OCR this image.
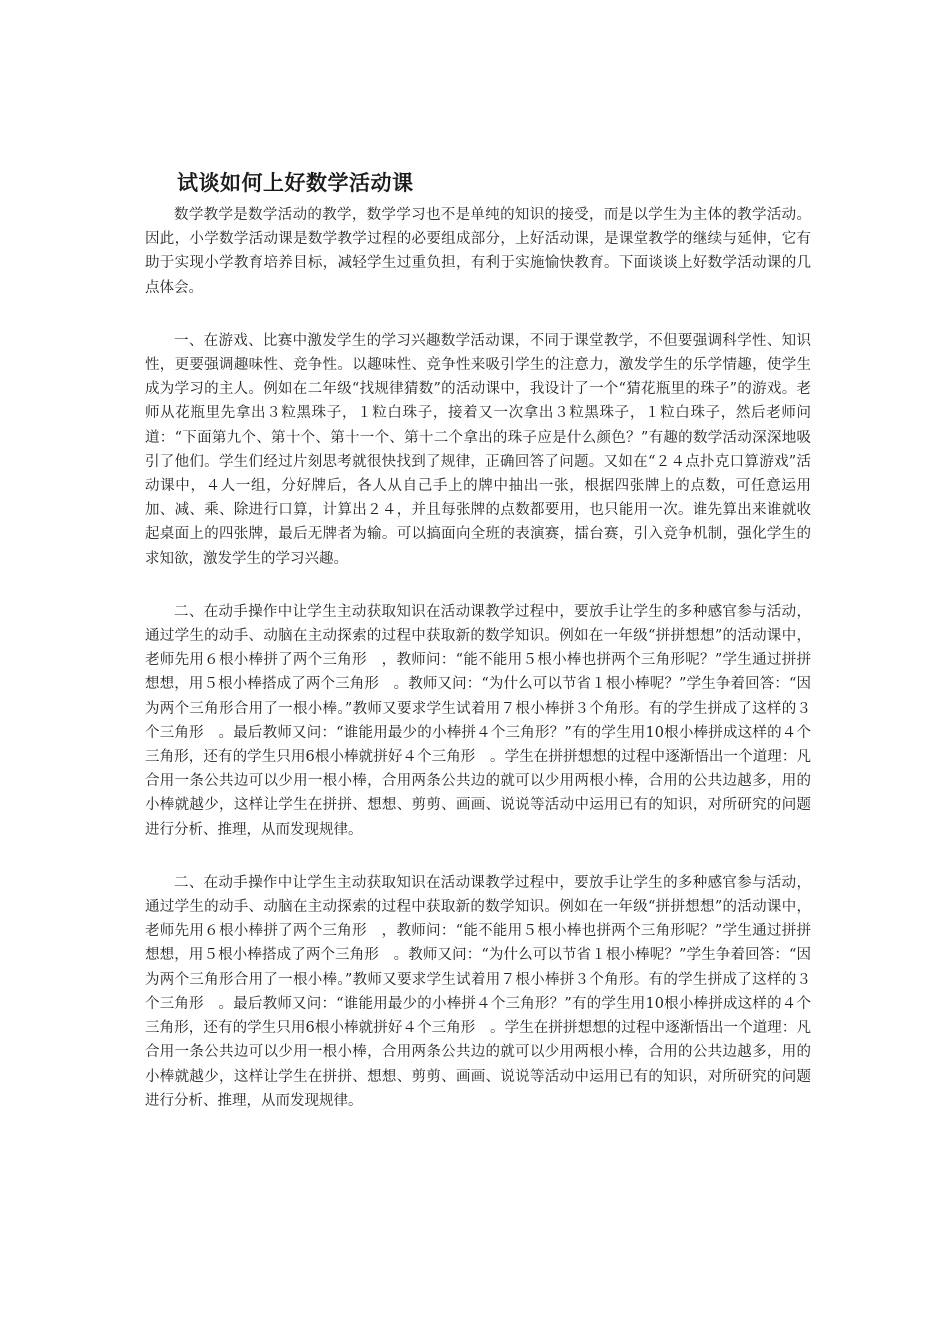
试谈如何上好数学活动课

数学教学是数学活动的教学，数学学习也不是单纯的知识的接受，而是以学生为主体的教学活动。因此，小学数学活动课是数学教学过程的必要组成部分，上好活动课，是课堂教学的继续与延伸，它有助于实现小学教育培养目标，减轻学生过重负担，有利于实施愉快教育。下面谈谈上好数学活动课的几点体会。

一、在游戏、比赛中激发学生的学习兴趣数学活动课，不同于课堂教学，不但要强调科学性、知识性，更要强调趣味性、竞争性。以趣味性、竞争性来吸引学生的注意力，激发学生的乐学情趣，使学生成为学习的主人。例如在二年级“找规律猜数”的活动课中，我设计了一个“猜花瓶里的珠子”的游戏。老师从花瓶里先拿出３粒黑珠子，１粒白珠子，接着又一次拿出３粒黑珠子，１粒白珠子，然后老师问道：“下面第九个、第十个、第十一个、第十二个拿出的珠子应是什么颜色？”有趣的数学活动深深地吸引了他们。学生们经过片刻思考就很快找到了规律，正确回答了问题。又如在“２４点扑克口算游戏”活动课中，４人一组，分好牌后，各人从自己手上的牌中抽出一张，根据四张牌上的点数，可任意运用加、减、乘、除进行口算，计算出２４，并且每张牌的点数都要用，也只能用一次。谁先算出来谁就收起桌面上的四张牌，最后无牌者为输。可以搞面向全班的表演赛，擂台赛，引入竞争机制，强化学生的求知欲，激发学生的学习兴趣。

二、在动手操作中让学生主动获取知识在活动课教学过程中，要放手让学生的多种感官参与活动，通过学生的动手、动脑在主动探索的过程中获取新的数学知识。例如在一年级“拼拼想想”的活动课中，老师先用６根小棒拼了两个三角形　，教师问：“能不能用５根小棒也拼两个三角形呢？”学生通过拼拼想想，用５根小棒搭成了两个三角形　。教师又问：“为什么可以节省１根小棒呢？”学生争着回答：“因为两个三角形合用了一根小棒。”教师又要求学生试着用７根小棒拼３个角形。有的学生拼成了这样的３个三角形　。最后教师又问：“谁能用最少的小棒拼４个三角形？”有的学生用10根小棒拼成这样的４个三角形，还有的学生只用6根小棒就拼好４个三角形　。学生在拼拼想想的过程中逐渐悟出一个道理：凡合用一条公共边可以少用一根小棒，合用两条公共边的就可以少用两根小棒，合用的公共边越多，用的小棒就越少，这样让学生在拼拼、想想、剪剪、画画、说说等活动中运用已有的知识，对所研究的问题进行分析、推理，从而发现规律。

二、在动手操作中让学生主动获取知识在活动课教学过程中，要放手让学生的多种感官参与活动，通过学生的动手、动脑在主动探索的过程中获取新的数学知识。例如在一年级“拼拼想想”的活动课中，老师先用６根小棒拼了两个三角形　，教师问：“能不能用５根小棒也拼两个三角形呢？”学生通过拼拼想想，用５根小棒搭成了两个三角形　。教师又问：“为什么可以节省１根小棒呢？”学生争着回答：“因为两个三角形合用了一根小棒。”教师又要求学生试着用７根小棒拼３个角形。有的学生拼成了这样的３个三角形　。最后教师又问：“谁能用最少的小棒拼４个三角形？”有的学生用10根小棒拼成这样的４个三角形，还有的学生只用6根小棒就拼好４个三角形　。学生在拼拼想想的过程中逐渐悟出一个道理：凡合用一条公共边可以少用一根小棒，合用两条公共边的就可以少用两根小棒，合用的公共边越多，用的小棒就越少，这样让学生在拼拼、想想、剪剪、画画、说说等活动中运用已有的知识，对所研究的问题进行分析、推理，从而发现规律。
